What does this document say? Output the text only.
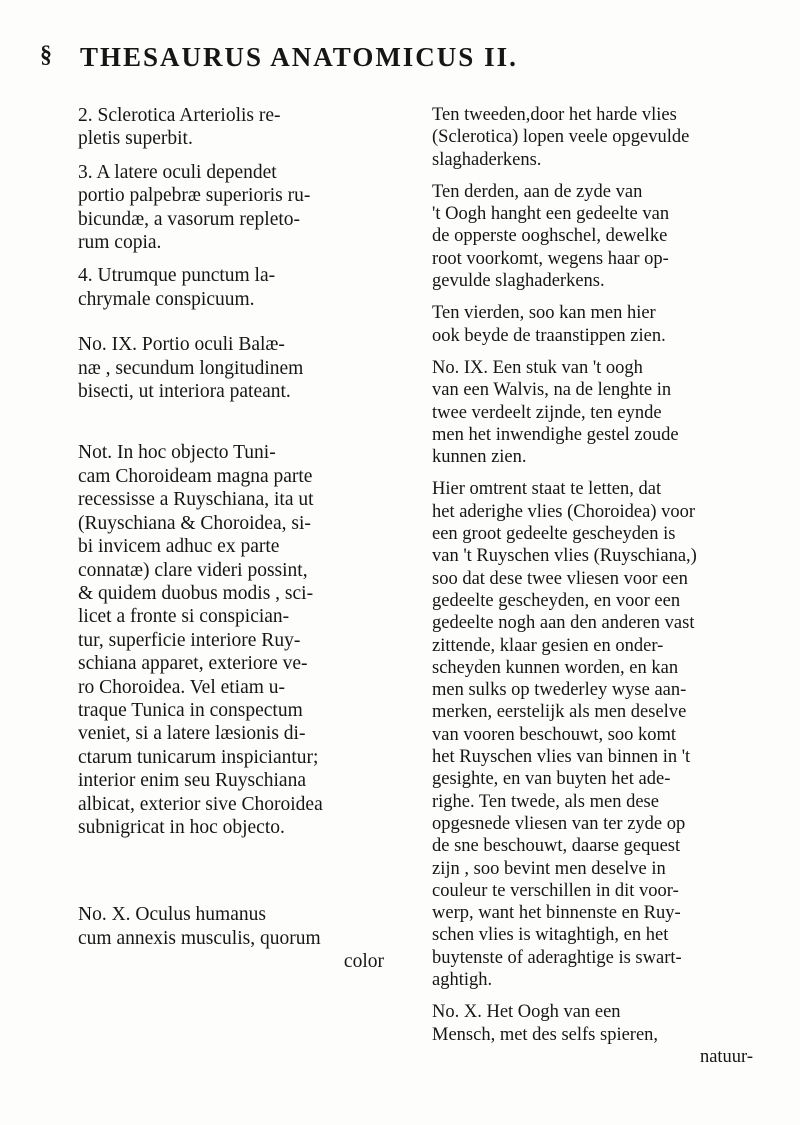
§ THESAURUS ANATOMICUS II.
2. Sclerotica Arteriolis re-
pletis superbit.
3. A latere oculi dependet
portio palpebræ superioris ru-
bicundæ, a vasorum repleto-
rum copia.
4. Utrumque punctum la-
chrymale conspicuum.
No. IX. Portio oculi Balæ-
næ , secundum longitudinem
bisecti, ut interiora pateant.
Not. In hoc objecto Tuni-
cam Choroideam magna parte
recessisse a Ruyschiana, ita ut
(Ruyschiana & Choroidea, si-
bi invicem adhuc ex parte
connatæ) clare videri possint,
& quidem duobus modis , sci-
licet a fronte si conspician-
tur, superficie interiore Ruy-
schiana apparet, exteriore ve-
ro Choroidea. Vel etiam u-
traque Tunica in conspectum
veniet, si a latere læsionis di-
ctarum tunicarum inspiciantur;
interior enim seu Ruyschiana
albicat, exterior sive Choroidea
subnigricat in hoc objecto.
No. X. Oculus humanus
cum annexis musculis, quorum
color
Ten tweeden,door het harde vlies
(Sclerotica) lopen veele opgevulde
slaghaderkens.
Ten derden, aan de zyde van
't Oogh hanght een gedeelte van
de opperste ooghschel, dewelke
root voorkomt, wegens haar op-
gevulde slaghaderkens.
Ten vierden, soo kan men hier
ook beyde de traanstippen zien.
No. IX. Een stuk van 't oogh
van een Walvis, na de lenghte in
twee verdeelt zijnde, ten eynde
men het inwendighe gestel zoude
kunnen zien.
Hier omtrent staat te letten, dat
het aderighe vlies (Choroidea) voor
een groot gedeelte gescheyden is
van 't Ruyschen vlies (Ruyschiana,)
soo dat dese twee vliesen voor een
gedeelte gescheyden, en voor een
gedeelte nogh aan den anderen vast
zittende, klaar gesien en onder-
scheyden kunnen worden, en kan
men sulks op twederley wyse aan-
merken, eerstelijk als men deselve
van vooren beschouwt, soo komt
het Ruyschen vlies van binnen in 't
gesighte, en van buyten het ade-
righe. Ten twede, als men dese
opgesnede vliesen van ter zyde op
de sne beschouwt, daarse gequest
zijn , soo bevint men deselve in
couleur te verschillen in dit voor-
werp, want het binnenste en Ruy-
schen vlies is witaghtigh, en het
buytenste of aderaghtige is swart-
aghtigh.
No. X. Het Oogh van een
Mensch, met des selfs spieren,
natuur-
